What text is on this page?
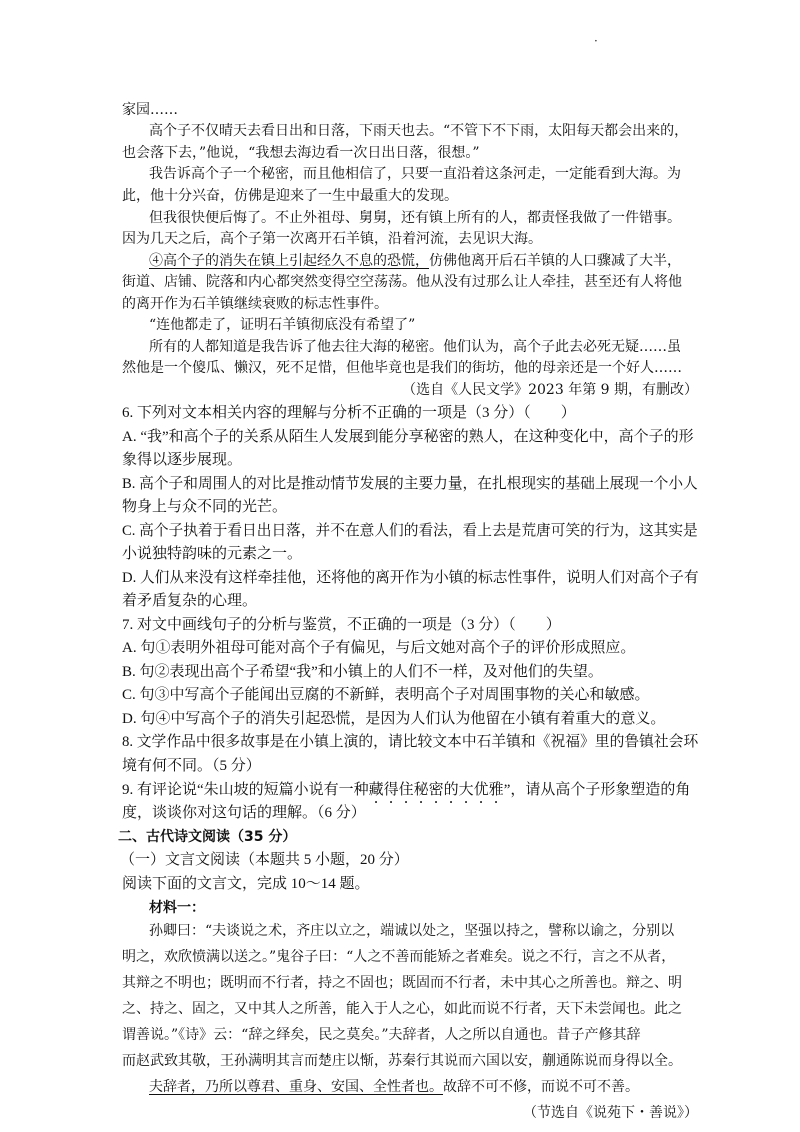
·
家园……
高个子不仅晴天去看日出和日落，下雨天也去。“不管下不下雨，太阳每天都会出来的，
也会落下去，”他说，“我想去海边看一次日出日落，很想。”
我告诉高个子一个秘密，而且他相信了，只要一直沿着这条河走，一定能看到大海。为
此，他十分兴奋，仿佛是迎来了一生中最重大的发现。
但我很快便后悔了。不止外祖母、舅舅，还有镇上所有的人，都责怪我做了一件错事。
因为几天之后，高个子第一次离开石羊镇，沿着河流，去见识大海。
④高个子的消失在镇上引起经久不息的恐慌，仿佛他离开后石羊镇的人口骤减了大半，
街道、店铺、院落和内心都突然变得空空荡荡。他从没有过那么让人牵挂，甚至还有人将他
的离开作为石羊镇继续衰败的标志性事件。
“连他都走了，证明石羊镇彻底没有希望了”
所有的人都知道是我告诉了他去往大海的秘密。他们认为，高个子此去必死无疑……虽
然他是一个傻瓜、懒汉，死不足惜，但他毕竟也是我们的街坊，他的母亲还是一个好人……
（选自《人民文学》2023 年第 9 期，有删改）
6. 下列对文本相关内容的理解与分析不正确的一项是（3 分）（　　）
A. “我”和高个子的关系从陌生人发展到能分享秘密的熟人，在这种变化中，高个子的形
象得以逐步展现。
B. 高个子和周围人的对比是推动情节发展的主要力量，在扎根现实的基础上展现一个小人
物身上与众不同的光芒。
C. 高个子执着于看日出日落，并不在意人们的看法，看上去是荒唐可笑的行为，这其实是
小说独特韵味的元素之一。
D. 人们从来没有这样牵挂他，还将他的离开作为小镇的标志性事件，说明人们对高个子有
着矛盾复杂的心理。
7. 对文中画线句子的分析与鉴赏，不正确的一项是（3 分）（　　）
A. 句①表明外祖母可能对高个子有偏见，与后文她对高个子的评价形成照应。
B. 句②表现出高个子希望“我”和小镇上的人们不一样，及对他们的失望。
C. 句③中写高个子能闻出豆腐的不新鲜，表明高个子对周围事物的关心和敏感。
D. 句④中写高个子的消失引起恐慌，是因为人们认为他留在小镇有着重大的意义。
8. 文学作品中很多故事是在小镇上演的，请比较文本中石羊镇和《祝福》里的鲁镇社会环
境有何不同。（5 分）
9. 有评论说“朱山坡的短篇小说有一种藏得住秘密的大优雅”，请从高个子形象塑造的角
度，谈谈你对这句话的理解。（6 分）
二、古代诗文阅读（35 分）
（一）文言文阅读（本题共 5 小题，20 分）
阅读下面的文言文，完成 10～14 题。
材料一：
孙卿曰：“夫谈说之术，齐庄以立之，端诚以处之，坚强以持之，譬称以谕之，分别以
明之，欢欣愤满以送之。”鬼谷子曰：“人之不善而能矫之者难矣。说之不行，言之不从者，
其辩之不明也；既明而不行者，持之不固也；既固而不行者，未中其心之所善也。辩之、明
之、持之、固之，又中其人之所善，能入于人之心，如此而说不行者，天下未尝闻也。此之
谓善说。”《诗》云：“辞之绎矣，民之莫矣。”夫辞者，人之所以自通也。昔子产修其辞
而赵武致其敬，王孙满明其言而楚庄以惭，苏秦行其说而六国以安，蒯通陈说而身得以全。
夫辞者，乃所以尊君、重身、安国、全性者也。故辞不可不修，而说不可不善。
（节选自《说苑下・善说》）
